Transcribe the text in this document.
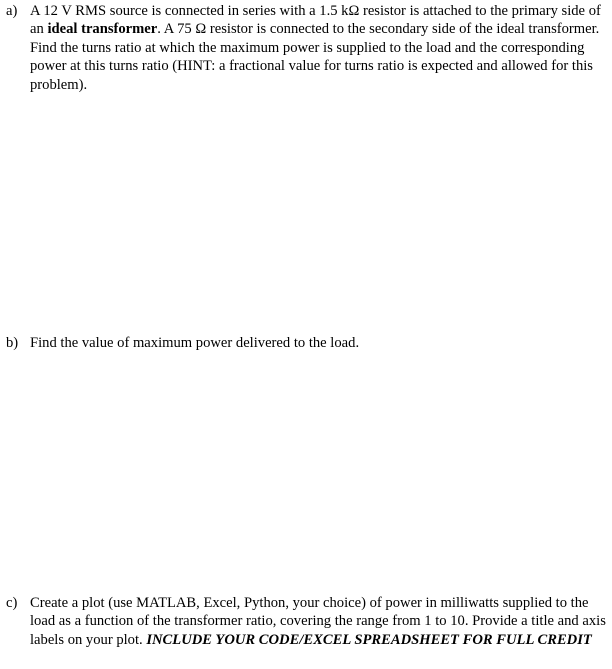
a) A 12 V RMS source is connected in series with a 1.5 kΩ resistor is attached to the primary side of an ideal transformer. A 75 Ω resistor is connected to the secondary side of the ideal transformer. Find the turns ratio at which the maximum power is supplied to the load and the corresponding power at this turns ratio (HINT: a fractional value for turns ratio is expected and allowed for this problem).
b) Find the value of maximum power delivered to the load.
c) Create a plot (use MATLAB, Excel, Python, your choice) of power in milliwatts supplied to the load as a function of the transformer ratio, covering the range from 1 to 10. Provide a title and axis labels on your plot. INCLUDE YOUR CODE/EXCEL SPREADSHEET FOR FULL CREDIT
